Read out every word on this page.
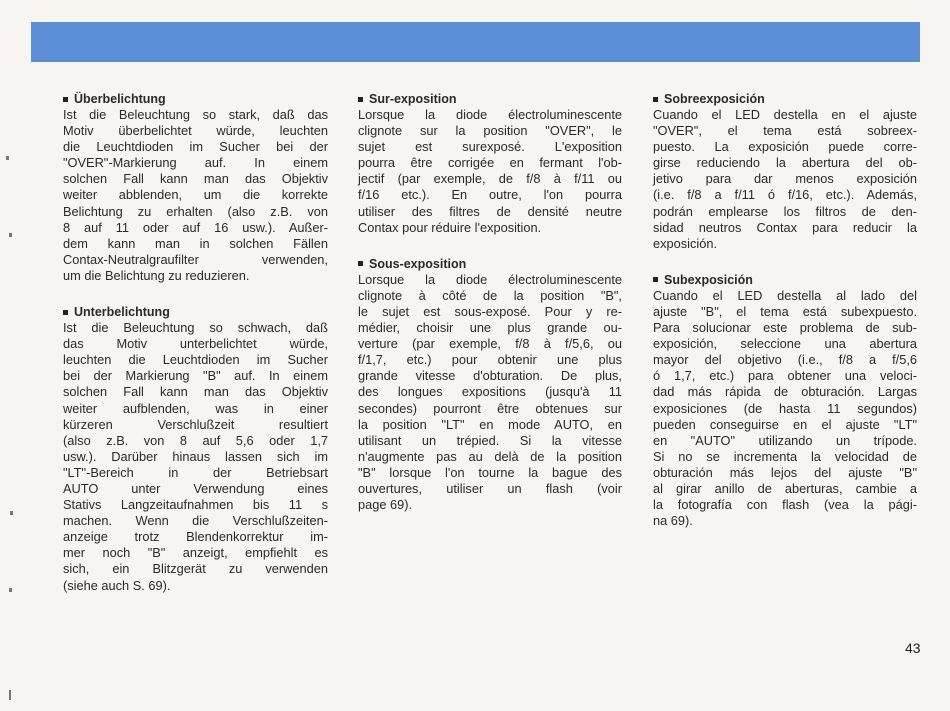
Überbelichtung
Ist die Beleuchtung so stark, daß das
Motiv überbelichtet würde, leuchten
die Leuchtdioden im Sucher bei der
"OVER"-Markierung auf. In einem
solchen Fall kann man das Objektiv
weiter abblenden, um die korrekte
Belichtung zu erhalten (also z.B. von
8 auf 11 oder auf 16 usw.). Außer-
dem kann man in solchen Fällen
Contax-Neutralgraufilter verwenden,
um die Belichtung zu reduzieren.
Unterbelichtung
Ist die Beleuchtung so schwach, daß
das Motiv unterbelichtet würde,
leuchten die Leuchtdioden im Sucher
bei der Markierung "B" auf. In einem
solchen Fall kann man das Objektiv
weiter aufblenden, was in einer
kürzeren Verschlußzeit resultiert
(also z.B. von 8 auf 5,6 oder 1,7
usw.). Darüber hinaus lassen sich im
"LT"-Bereich in der Betriebsart
AUTO unter Verwendung eines
Stativs Langzeitaufnahmen bis 11 s
machen. Wenn die Verschlußzeiten-
anzeige trotz Blendenkorrektur im-
mer noch "B" anzeigt, empfiehlt es
sich, ein Blitzgerät zu verwenden
(siehe auch S. 69).
Sur-exposition
Lorsque la diode électroluminescente
clignote sur la position "OVER", le
sujet est surexposé. L'exposition
pourra être corrigée en fermant l'ob-
jectif (par exemple, de f/8 à f/11 ou
f/16 etc.). En outre, l'on pourra
utiliser des filtres de densité neutre
Contax pour réduire l'exposition.
Sous-exposition
Lorsque la diode électroluminescente
clignote à côté de la position "B",
le sujet est sous-exposé. Pour y re-
médier, choisir une plus grande ou-
verture (par exemple, f/8 à f/5,6, ou
f/1,7, etc.) pour obtenir une plus
grande vitesse d'obturation. De plus,
des longues expositions (jusqu'à 11
secondes) pourront être obtenues sur
la position "LT" en mode AUTO, en
utilisant un trépied. Si la vitesse
n'augmente pas au delà de la position
"B" lorsque l'on tourne la bague des
ouvertures, utiliser un flash (voir
page 69).
Sobreexposición
Cuando el LED destella en el ajuste
"OVER", el tema está sobreex-
puesto. La exposición puede corre-
girse reduciendo la abertura del ob-
jetivo para dar menos exposición
(i.e. f/8 a f/11 ó f/16, etc.). Además,
podrán emplearse los filtros de den-
sidad neutros Contax para reducir la
exposición.
Subexposición
Cuando el LED destella al lado del
ajuste "B", el tema está subexpuesto.
Para solucionar este problema de sub-
exposición, seleccione una abertura
mayor del objetivo (i.e., f/8 a f/5,6
ó 1,7, etc.) para obtener una veloci-
dad más rápida de obturación. Largas
exposiciones (de hasta 11 segundos)
pueden conseguirse en el ajuste "LT"
en "AUTO" utilizando un trípode.
Si no se incrementa la velocidad de
obturación más lejos del ajuste "B"
al girar anillo de aberturas, cambie a
la fotografía con flash (vea la pági-
na 69).
43
